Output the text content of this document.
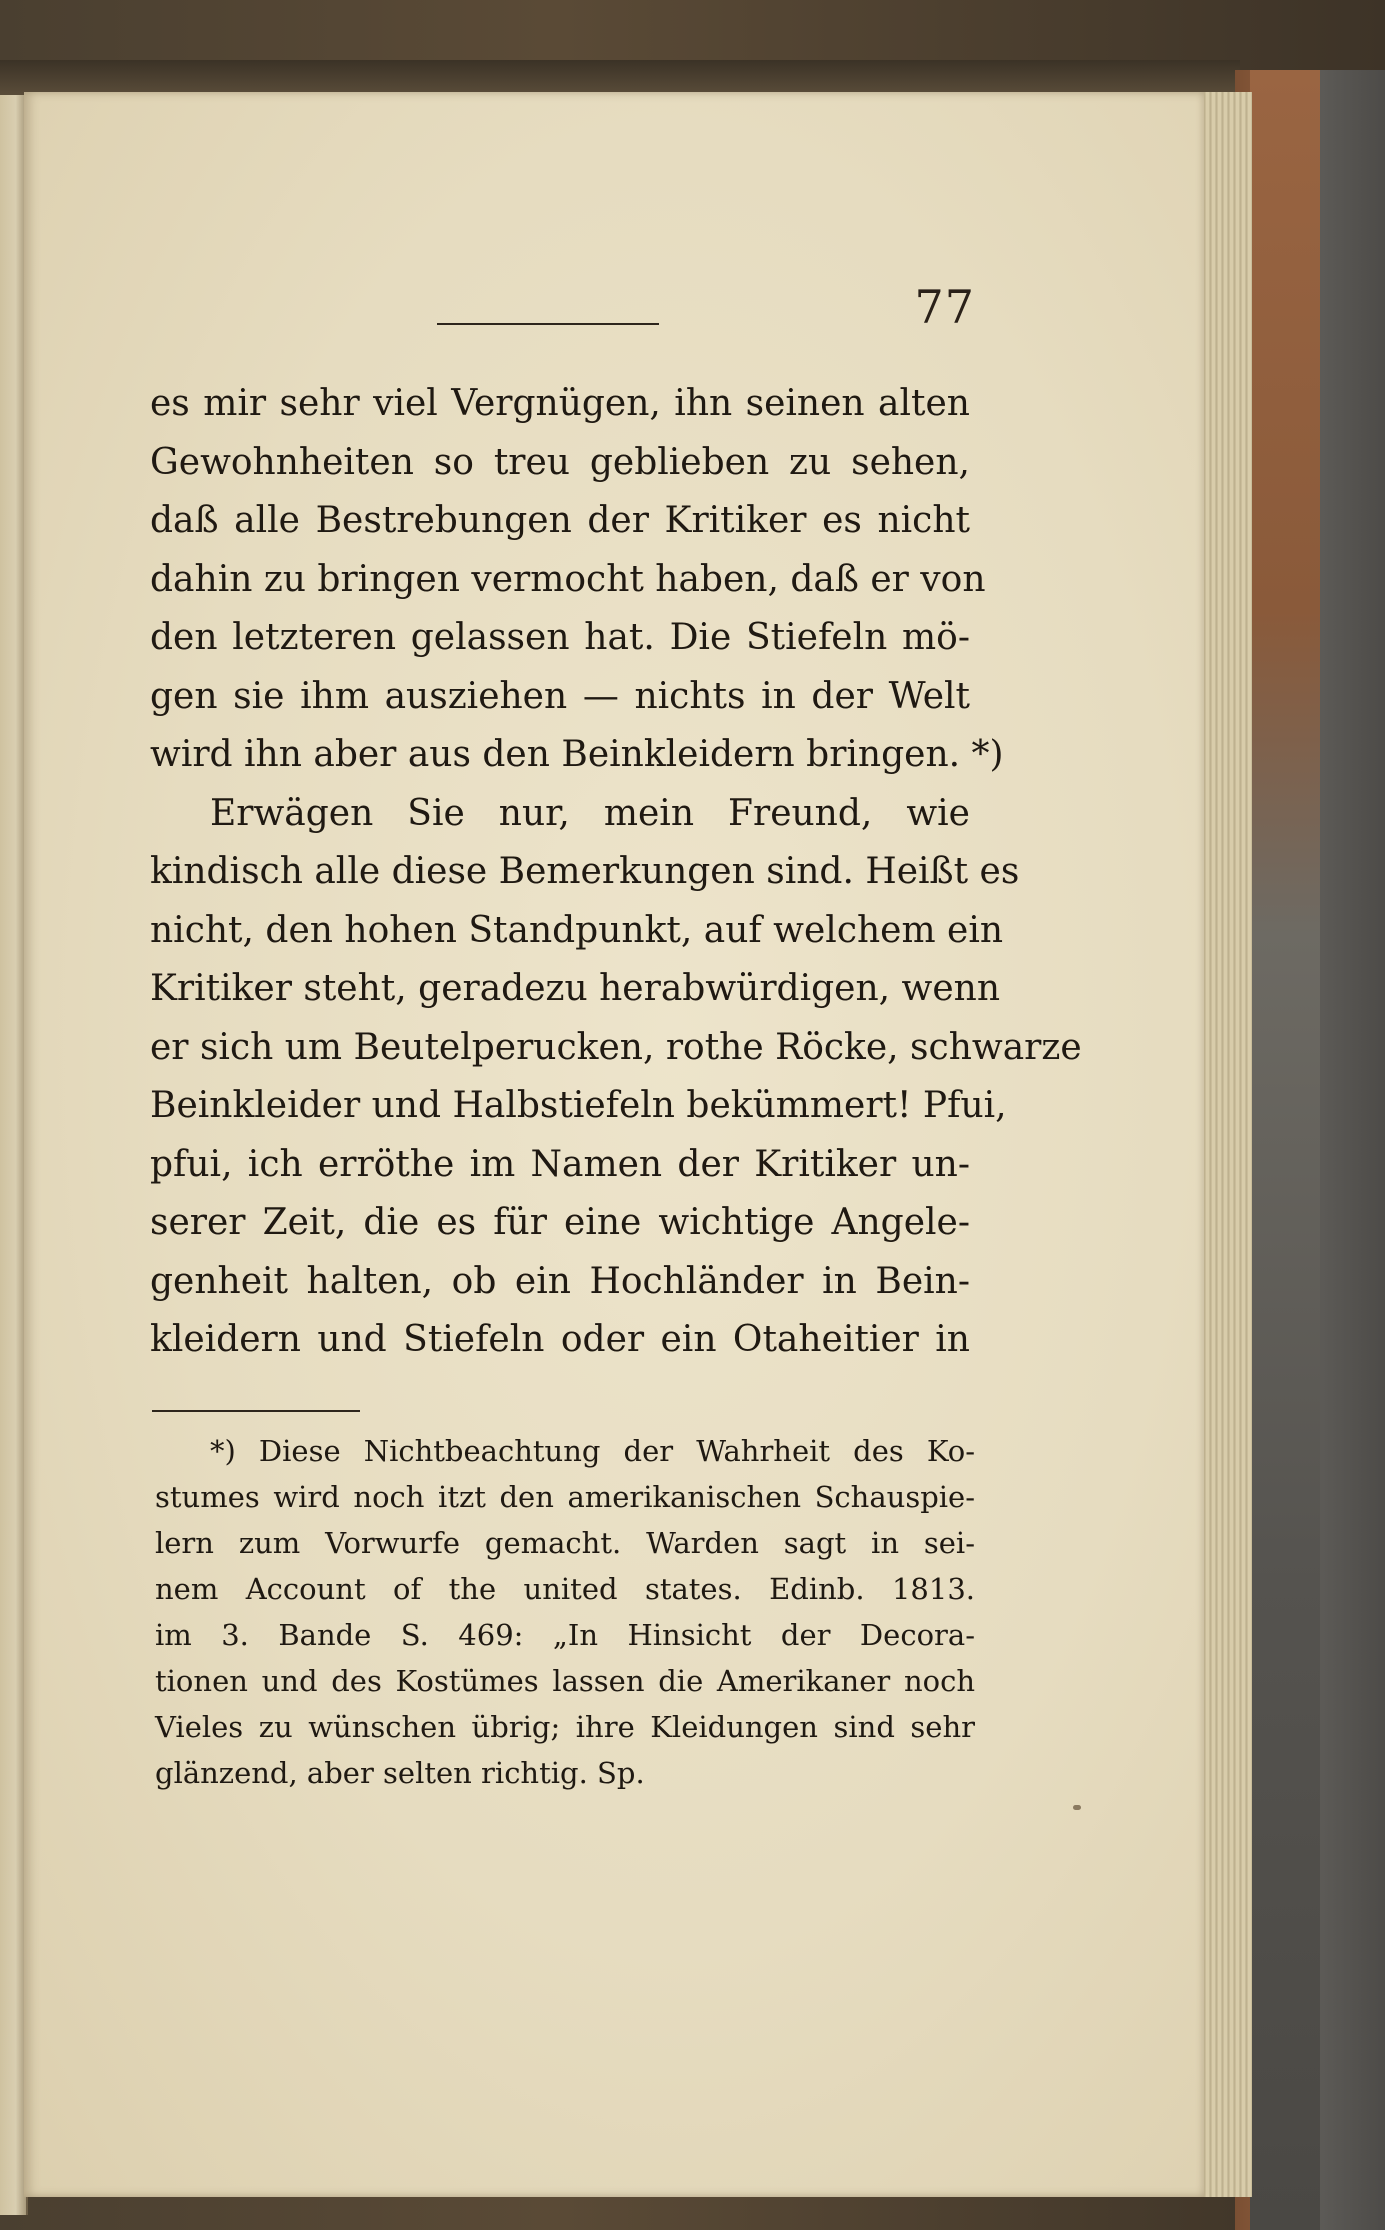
77
es mir sehr viel Vergnügen, ihn seinen alten
Gewohnheiten so treu geblieben zu sehen,
daß alle Bestrebungen der Kritiker es nicht
dahin zu bringen vermocht haben, daß er von
den letzteren gelassen hat. Die Stiefeln mö-
gen sie ihm ausziehen — nichts in der Welt
wird ihn aber aus den Beinkleidern bringen. *)
Erwägen Sie nur, mein Freund, wie
kindisch alle diese Bemerkungen sind. Heißt es
nicht, den hohen Standpunkt, auf welchem ein
Kritiker steht, geradezu herabwürdigen, wenn
er sich um Beutelperucken, rothe Röcke, schwarze
Beinkleider und Halbstiefeln bekümmert! Pfui,
pfui, ich erröthe im Namen der Kritiker un-
serer Zeit, die es für eine wichtige Angele-
genheit halten, ob ein Hochländer in Bein-
kleidern und Stiefeln oder ein Otaheitier in
*) Diese Nichtbeachtung der Wahrheit des Ko-
stumes wird noch itzt den amerikanischen Schauspie-
lern zum Vorwurfe gemacht. Warden sagt in sei-
nem Account of the united states. Edinb. 1813.
im 3. Bande S. 469: „In Hinsicht der Decora-
tionen und des Kostümes lassen die Amerikaner noch
Vieles zu wünschen übrig; ihre Kleidungen sind sehr
glänzend, aber selten richtig. Sp.
